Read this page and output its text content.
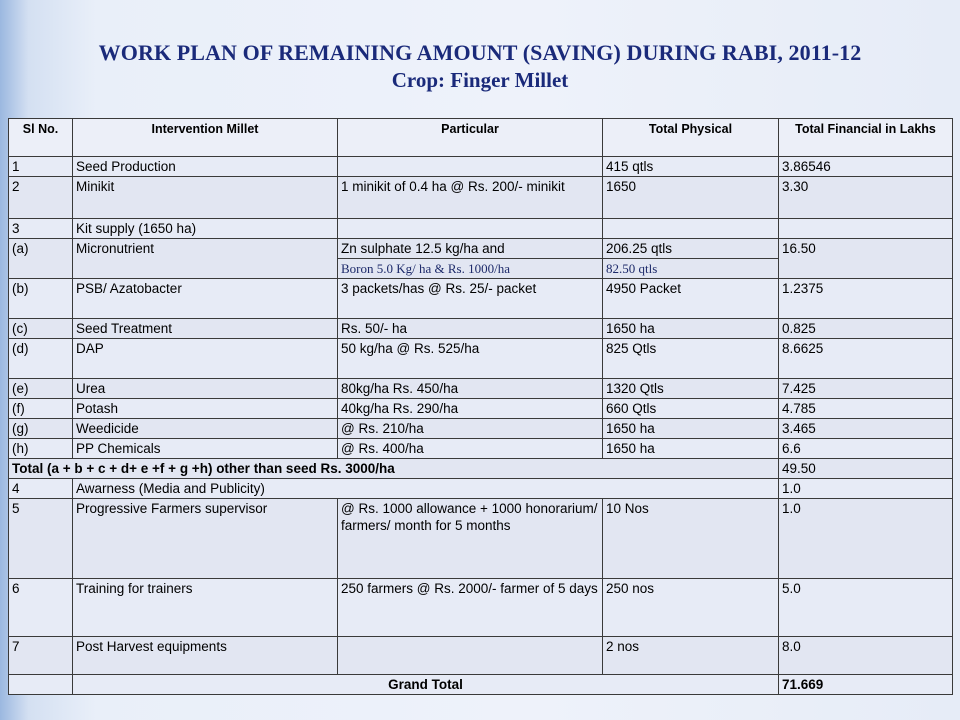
WORK PLAN OF REMAINING AMOUNT (SAVING) DURING RABI, 2011-12
Crop: Finger Millet
Sl No.	Intervention Millet	Particular	Total Physical	Total Financial in Lakhs
1	Seed Production		415 qtls	3.86546
2	Minikit	1 minikit of 0.4 ha @ Rs. 200/- minikit	1650	3.30
3	Kit supply (1650 ha)			
(a)	Micronutrient	Zn sulphate 12.5 kg/ha and	206.25 qtls	16.50
		Boron 5.0 Kg/ ha & Rs. 1000/ha	82.50 qtls	
(b)	PSB/ Azatobacter	3 packets/has @ Rs. 25/- packet	4950 Packet	1.2375
(c)	Seed Treatment	Rs. 50/- ha	1650 ha	0.825
(d)	DAP	50 kg/ha @ Rs. 525/ha	825 Qtls	8.6625
(e)	Urea	80kg/ha Rs. 450/ha	1320 Qtls	7.425
(f)	Potash	40kg/ha Rs. 290/ha	660 Qtls	4.785
(g)	Weedicide	@ Rs. 210/ha	1650 ha	3.465
(h)	PP Chemicals	@ Rs. 400/ha	1650 ha	6.6
Total (a + b + c + d+ e +f + g +h) other than seed Rs. 3000/ha				49.50
4	Awarness (Media and Publicity)			1.0
5	Progressive Farmers supervisor	@ Rs. 1000 allowance + 1000 honorarium/ farmers/ month for 5 months	10 Nos	1.0
6	Training for trainers	250 farmers @ Rs. 2000/- farmer of 5 days	250 nos	5.0
7	Post Harvest equipments		2 nos	8.0
	Grand Total			71.669
